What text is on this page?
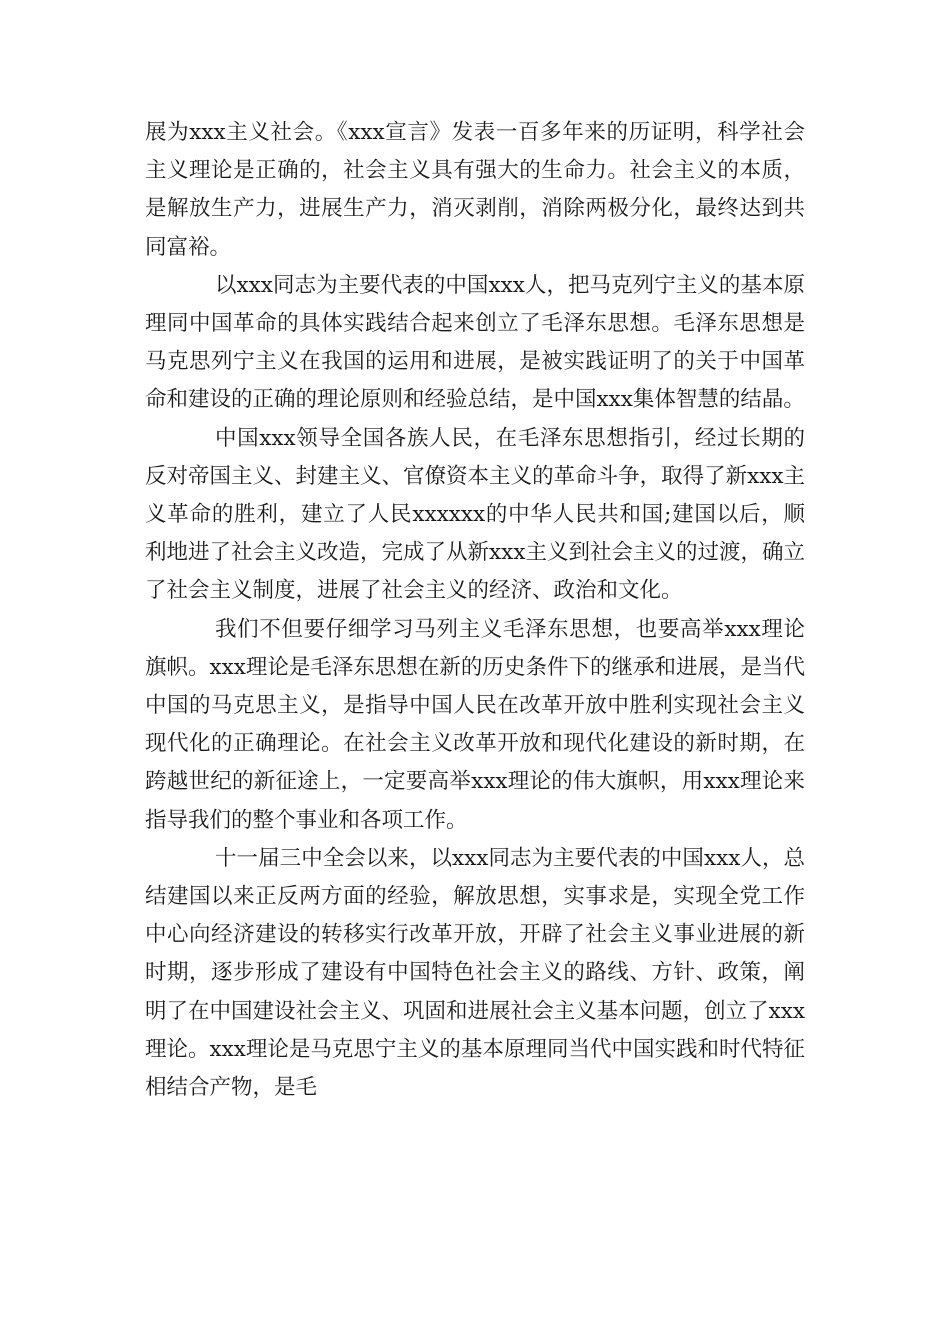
展为xxx主义社会。《xxx宣言》发表一百多年来的历证明，科学社会主义理论是正确的，社会主义具有强大的生命力。社会主义的本质，是解放生产力，进展生产力，消灭剥削，消除两极分化，最终达到共同富裕。

以xxx同志为主要代表的中国xxx人，把马克列宁主义的基本原理同中国革命的具体实践结合起来创立了毛泽东思想。毛泽东思想是马克思列宁主义在我国的运用和进展，是被实践证明了的关于中国革命和建设的正确的理论原则和经验总结，是中国xxx集体智慧的结晶。

中国xxx领导全国各族人民，在毛泽东思想指引，经过长期的反对帝国主义、封建主义、官僚资本主义的革命斗争，取得了新xxx主义革命的胜利，建立了人民xxxxxx的中华人民共和国;建国以后，顺利地进了社会主义改造，完成了从新xxx主义到社会主义的过渡，确立了社会主义制度，进展了社会主义的经济、政治和文化。

我们不但要仔细学习马列主义毛泽东思想，也要高举xxx理论旗帜。xxx理论是毛泽东思想在新的历史条件下的继承和进展，是当代中国的马克思主义，是指导中国人民在改革开放中胜利实现社会主义现代化的正确理论。在社会主义改革开放和现代化建设的新时期，在跨越世纪的新征途上，一定要高举xxx理论的伟大旗帜，用xxx理论来指导我们的整个事业和各项工作。

十一届三中全会以来，以xxx同志为主要代表的中国xxx人，总结建国以来正反两方面的经验，解放思想，实事求是，实现全党工作中心向经济建设的转移实行改革开放，开辟了社会主义事业进展的新时期，逐步形成了建设有中国特色社会主义的路线、方针、政策，阐明了在中国建设社会主义、巩固和进展社会主义基本问题，创立了xxx理论。xxx理论是马克思宁主义的基本原理同当代中国实践和时代特征相结合产物，是毛
